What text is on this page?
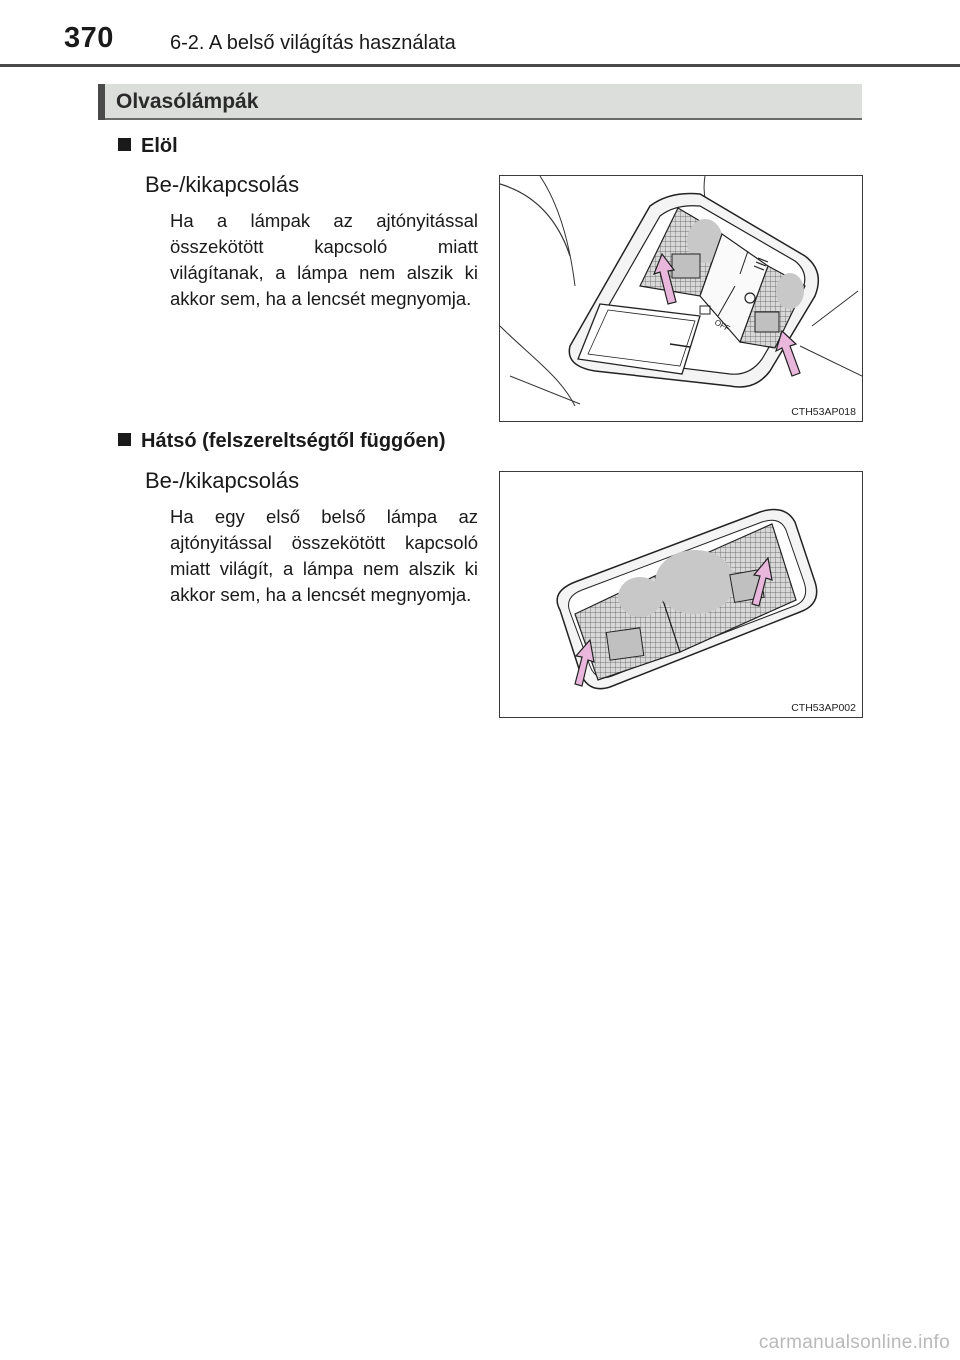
370	6-2. A belső világítás használata
Olvasólámpák
Elöl
Be-/kikapcsolás
Ha a lámpak az ajtónyitással összekötött kapcsoló miatt világítanak, a lámpa nem alszik ki akkor sem, ha a lencsét megnyomja.
OFF
CTH53AP018
Hátsó (felszereltségtől függően)
Be-/kikapcsolás
Ha egy első belső lámpa az ajtónyitással összekötött kapcsoló miatt világít, a lámpa nem alszik ki akkor sem, ha a lencsét megnyomja.
CTH53AP002
carmanualsonline.info
